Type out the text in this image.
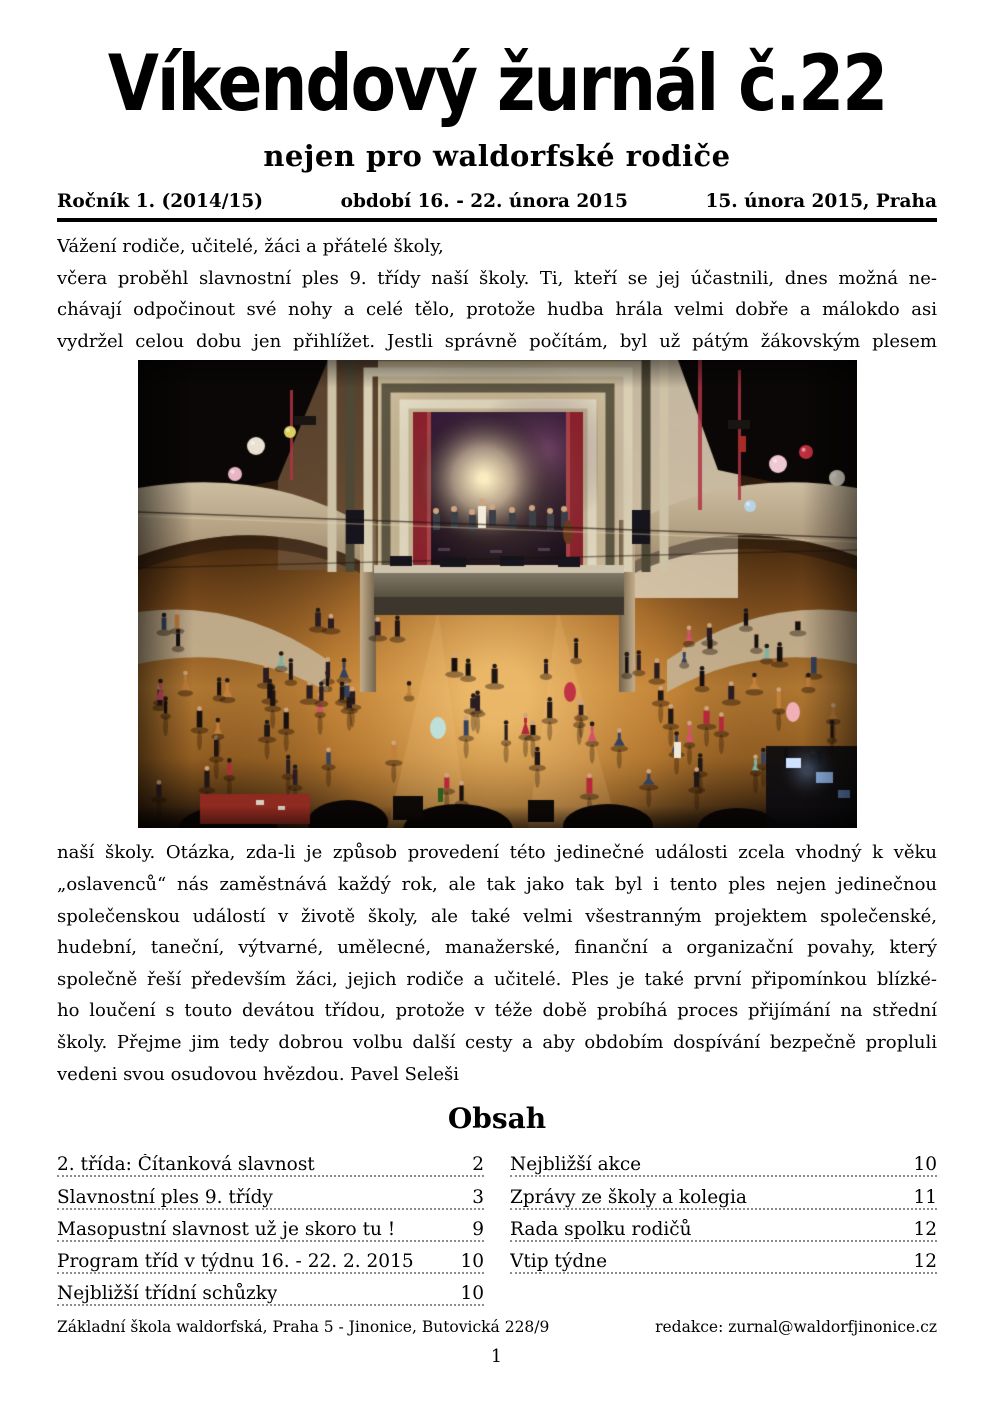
Víkendový žurnál č.22
nejen pro waldorfské rodiče
Ročník 1. (2014/15)	období 16. - 22. února 2015	15. února 2015, Praha
Vážení rodiče, učitelé, žáci a přátelé školy,
včera proběhl slavnostní ples 9. třídy naší školy. Ti, kteří se jej účastnili, dnes možná ne-
chávají odpočinout své nohy a celé tělo, protože hudba hrála velmi dobře a málokdo asi
vydržel celou dobu jen přihlížet. Jestli správně počítám, byl už pátým žákovským plesem
naší školy. Otázka, zda-li je způsob provedení této jedinečné události zcela vhodný k věku
„oslavenců“ nás zaměstnává každý rok, ale tak jako tak byl i tento ples nejen jedinečnou
společenskou událostí v životě školy, ale také velmi všestranným projektem společenské,
hudební, taneční, výtvarné, umělecné, manažerské, finanční a organizační povahy, který
společně řeší především žáci, jejich rodiče a učitelé. Ples je také první připomínkou blízké-
ho loučení s touto devátou třídou, protože v téže době probíhá proces přijímání na střední
školy. Přejme jim tedy dobrou volbu další cesty a aby obdobím dospívání bezpečně propluli
vedeni svou osudovou hvězdou. Pavel Seleši
Obsah
2. třída: Čítanková slavnost	2
Slavnostní ples 9. třídy	3
Masopustní slavnost už je skoro tu !	9
Program tříd v týdnu 16. - 22. 2. 2015	10
Nejbližší třídní schůzky	10
Nejbližší akce	10
Zprávy ze školy a kolegia	11
Rada spolku rodičů	12
Vtip týdne	12
Základní škola waldorfská, Praha 5 - Jinonice, Butovická 228/9	redakce: zurnal@waldorfjinonice.cz
1
